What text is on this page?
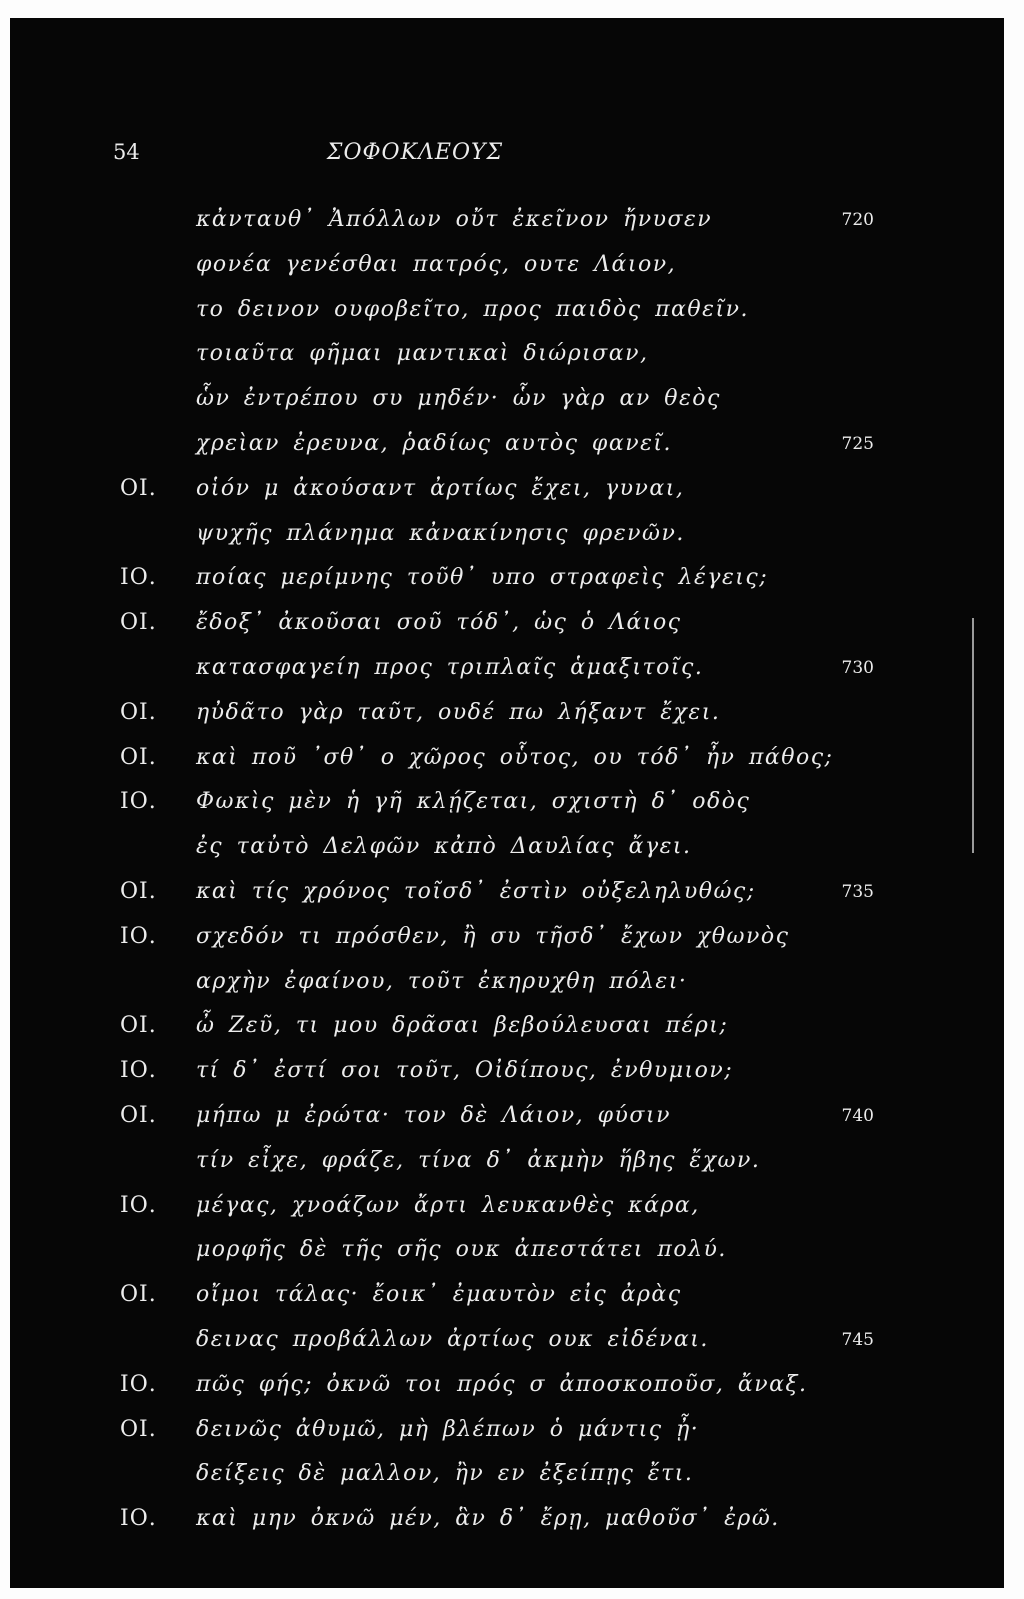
54	ΣΟΦΟΚΛΕΟΥΣ
κἀνταυθ᾽ Ἀπόλλων οὔτ ἐκεῖνον ἤνυσεν	720
φονέα γενέσθαι πατρός, ουτε Λάιον,
το δεινον ουφοβεῖτο, προς παιδὸς παθεῖν.
τοιαῦτα φῆμαι μαντικαὶ διώρισαν,
ὧν ἐντρέπου συ μηδέν· ὧν γὰρ αν θεὸς
χρεὶαν ἐρευνα, ῥαδίως αυτὸς φανεῖ.	725
ΟΙ. οἱόν μ ἀκούσαντ ἀρτίως ἔχει, γυναι,
ψυχῆς πλάνημα κἀνακίνησις φρενῶν.
ΙΟ. ποίας μερίμνης τοῦθ᾽ υπο στραφεὶς λέγεις;
ΟΙ. ἔδοξ᾽ ἀκοῦσαι σοῦ τόδ᾽, ὡς ὁ Λάιος
κατασφαγείη προς τριπλαῖς ἁμαξιτοῖς.	730
ΟΙ. ηὐδᾶτο γὰρ ταῦτ, ουδέ πω λήξαντ ἔχει.
ΟΙ. καὶ ποῦ ᾽σθ᾽ ο χῶρος οὗτος, ου τόδ᾽ ἦν πάθος;
ΙΟ. Φωκὶς μὲν ἡ γῆ κλῄζεται, σχιστὴ δ᾽ οδὸς
ἐς ταὐτὸ Δελφῶν κἀπὸ Δαυλίας ἄγει.
ΟΙ. καὶ τίς χρόνος τοῖσδ᾽ ἐστὶν οὐξεληλυθώς;	735
ΙΟ. σχεδόν τι πρόσθεν, ἢ συ τῆσδ᾽ ἔχων χθωνὸς
αρχὴν ἐφαίνου, τοῦτ ἐκηρυχθη πόλει·
ΟΙ. ὦ Ζεῦ, τι μου δρᾶσαι βεβούλευσαι πέρι;
ΙΟ. τί δ᾽ ἐστί σοι τοῦτ, Οἰδίπους, ἐνθυμιον;
ΟΙ. μήπω μ ἐρώτα· τον δὲ Λάιον, φύσιν	740
τίν εἶχε, φράζε, τίνα δ᾽ ἀκμὴν ἥβης ἔχων.
ΙΟ. μέγας, χνοάζων ἄρτι λευκανθὲς κάρα,
μορφῆς δὲ τῆς σῆς ουκ ἀπεστάτει πολύ.
ΟΙ. οἴμοι τάλας· ἔοικ᾽ ἐμαυτὸν εἰς ἀρὰς
δεινας προβάλλων ἀρτίως ουκ εἰδέναι.	745
ΙΟ. πῶς φής; ὀκνῶ τοι πρός σ ἀποσκοποῦσ, ἄναξ.
ΟΙ. δεινῶς ἀθυμῶ, μὴ βλέπων ὁ μάντις ᾖ·
δείξεις δὲ μαλλον, ἢν εν ἐξείπῃς ἔτι.
ΙΟ. καὶ μην ὀκνῶ μέν, ἃν δ᾽ ἔρῃ, μαθοῦσ᾽ ἐρῶ.
